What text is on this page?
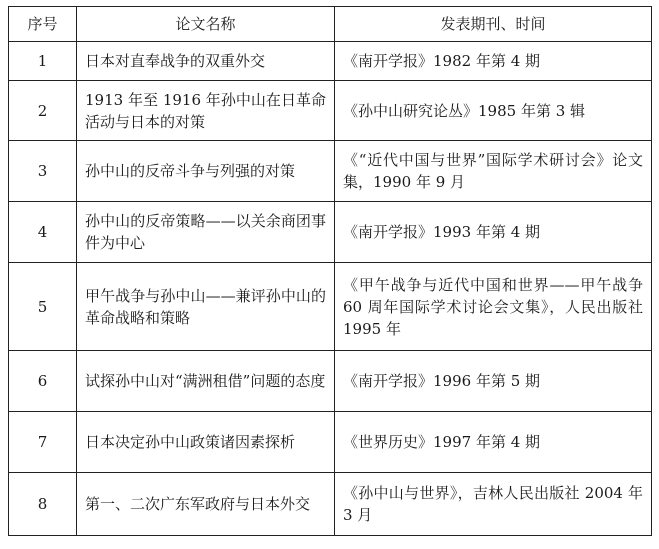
序号	论文名称	发表期刊、时间
1	日本对直奉战争的双重外交	《南开学报》1982 年第 4 期
2	1913 年至 1916 年孙中山在日革命活动与日本的对策	《孙中山研究论丛》1985 年第 3 辑
3	孙中山的反帝斗争与列强的对策	《“近代中国与世界”国际学术研讨会》论文集，1990 年 9 月
4	孙中山的反帝策略——以关余商团事件为中心	《南开学报》1993 年第 4 期
5	甲午战争与孙中山——兼评孙中山的革命战略和策略	《甲午战争与近代中国和世界——甲午战争 60 周年国际学术讨论会文集》，人民出版社 1995 年
6	试探孙中山对“满洲租借”问题的态度	《南开学报》1996 年第 5 期
7	日本决定孙中山政策诸因素探析	《世界历史》1997 年第 4 期
8	第一、二次广东军政府与日本外交	《孙中山与世界》，吉林人民出版社 2004 年 3 月
